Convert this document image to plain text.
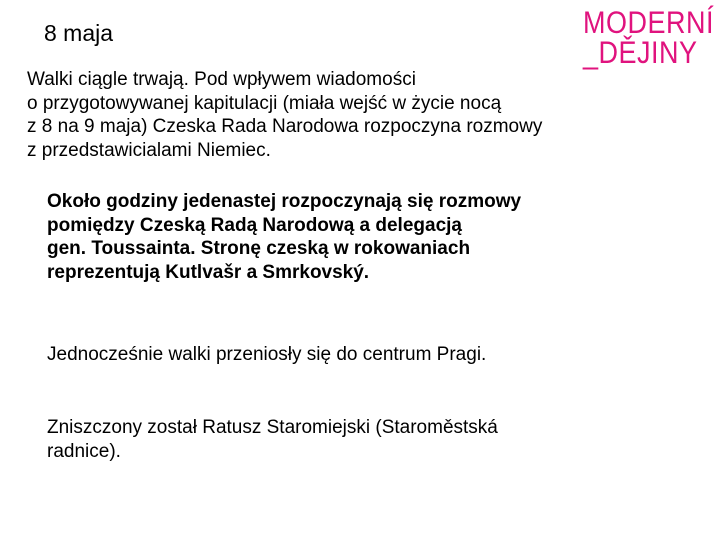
8 maja	MODERNÍ
_DĚJINY

Walki ciągle trwają. Pod wpływem wiadomości
o przygotowywanej kapitulacji (miała wejść w życie nocą
z 8 na 9 maja) Czeska Rada Narodowa rozpoczyna rozmowy
z przedstawicialami Niemiec.

Około godziny jedenastej rozpoczynają się rozmowy
pomiędzy Czeską Radą Narodową a delegacją
gen. Toussainta. Stronę czeską w rokowaniach
reprezentują Kutlvašr a Smrkovský.

Jednocześnie walki przeniosły się do centrum Pragi.

Zniszczony został Ratusz Staromiejski (Staroměstská
radnice).
